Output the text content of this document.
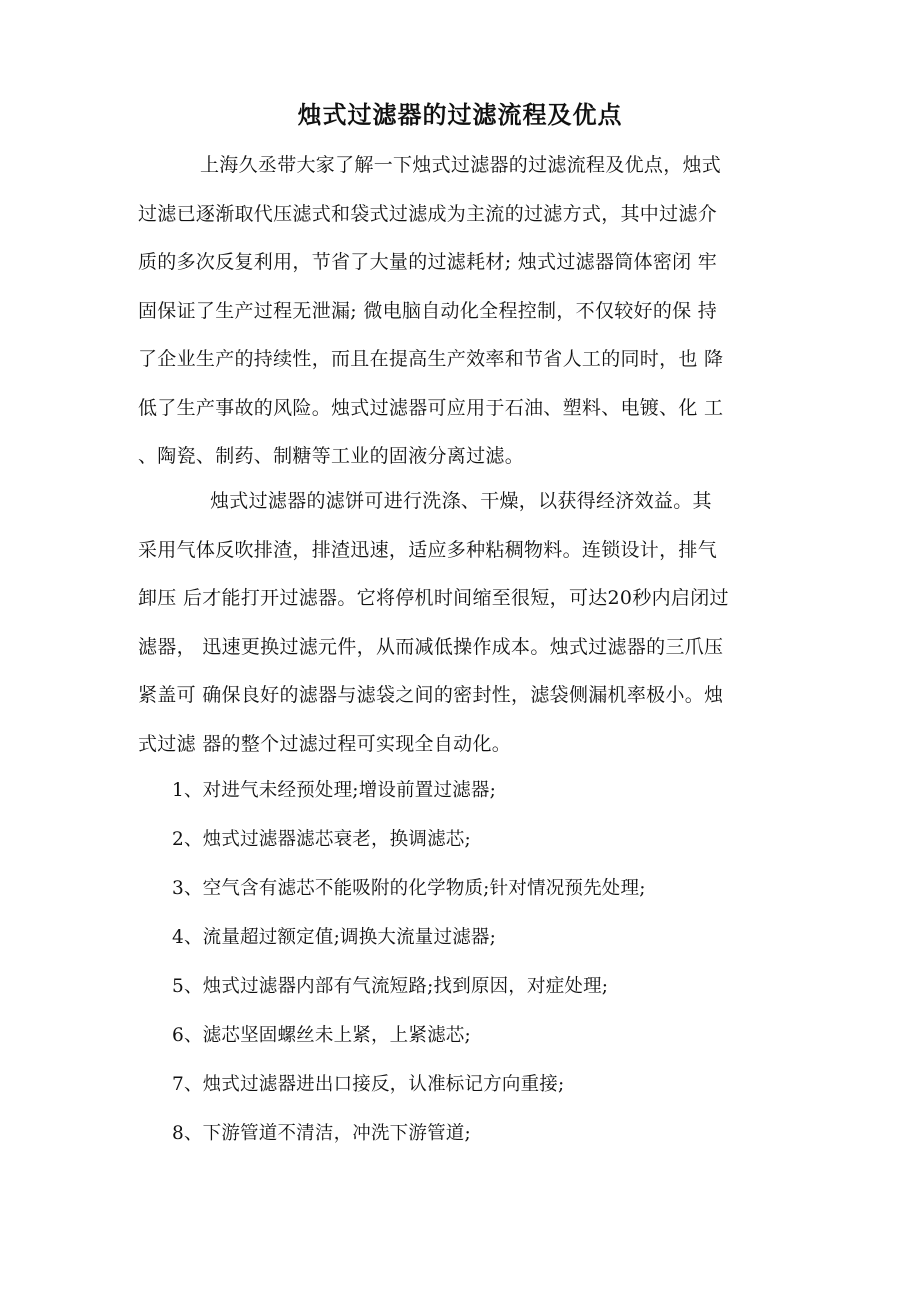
烛式过滤器的过滤流程及优点

上海久丞带大家了解一下烛式过滤器的过滤流程及优点，烛式
过滤已逐渐取代压滤式和袋式过滤成为主流的过滤方式，其中过滤介
质的多次反复利用，节省了大量的过滤耗材; 烛式过滤器筒体密闭 牢
固保证了生产过程无泄漏; 微电脑自动化全程控制，不仅较好的保 持
了企业生产的持续性，而且在提高生产效率和节省人工的同时，也 降
低了生产事故的风险。烛式过滤器可应用于石油、塑料、电镀、化 工
、陶瓷、制药、制糖等工业的固液分离过滤。

烛式过滤器的滤饼可进行洗涤、干燥，以获得经济效益。其
采用气体反吹排渣，排渣迅速，适应多种粘稠物料。连锁设计，排气
卸压 后才能打开过滤器。它将停机时间缩至很短，可达20秒内启闭过
滤器， 迅速更换过滤元件，从而减低操作成本。烛式过滤器的三爪压
紧盖可 确保良好的滤器与滤袋之间的密封性，滤袋侧漏机率极小。烛
式过滤 器的整个过滤过程可实现全自动化。

1、对进气未经预处理;增设前置过滤器;
2、烛式过滤器滤芯衰老，换调滤芯;
3、空气含有滤芯不能吸附的化学物质;针对情况预先处理;
4、流量超过额定值;调换大流量过滤器;
5、烛式过滤器内部有气流短路;找到原因，对症处理;
6、滤芯坚固螺丝未上紧，上紧滤芯;
7、烛式过滤器进出口接反，认准标记方向重接;
8、下游管道不清洁，冲洗下游管道;
